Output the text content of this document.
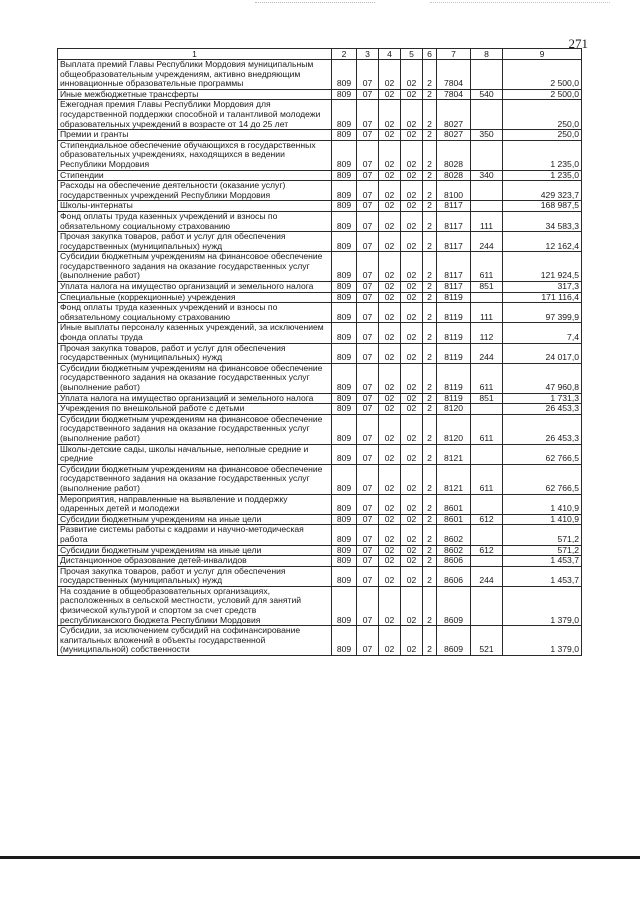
271
1	2	3	4	5	6	7	8	9
Выплата премий Главы Республики Мордовия муниципальным общеобразовательным учреждениям, активно внедряющим инновационные образовательные программы	809	07	02	02	2	7804		2 500,0
Иные межбюджетные трансферты	809	07	02	02	2	7804	540	2 500,0
Ежегодная премия Главы Республики Мордовия для государственной поддержки способной и талантливой молодежи образовательных учреждений в возрасте от 14 до 25 лет	809	07	02	02	2	8027		250,0
Премии и гранты	809	07	02	02	2	8027	350	250,0
Стипендиальное обеспечение обучающихся в государственных образовательных учреждениях, находящихся в ведении Республики Мордовия	809	07	02	02	2	8028		1 235,0
Стипендии	809	07	02	02	2	8028	340	1 235,0
Расходы на обеспечение деятельности (оказание услуг) государственных учреждений Республики Мордовия	809	07	02	02	2	8100		429 323,7
Школы-интернаты	809	07	02	02	2	8117		168 987,5
Фонд оплаты труда казенных учреждений и взносы по обязательному социальному страхованию	809	07	02	02	2	8117	111	34 583,3
Прочая закупка товаров, работ и услуг для обеспечения государственных (муниципальных) нужд	809	07	02	02	2	8117	244	12 162,4
Субсидии бюджетным учреждениям на финансовое обеспечение государственного задания на оказание государственных услуг (выполнение работ)	809	07	02	02	2	8117	611	121 924,5
Уплата налога на имущество организаций и земельного налога	809	07	02	02	2	8117	851	317,3
Специальные (коррекционные) учреждения	809	07	02	02	2	8119		171 116,4
Фонд оплаты труда казенных учреждений и взносы по обязательному социальному страхованию	809	07	02	02	2	8119	111	97 399,9
Иные выплаты персоналу казенных учреждений, за исключением фонда оплаты труда	809	07	02	02	2	8119	112	7,4
Прочая закупка товаров, работ и услуг для обеспечения государственных (муниципальных) нужд	809	07	02	02	2	8119	244	24 017,0
Субсидии бюджетным учреждениям на финансовое обеспечение государственного задания на оказание государственных услуг (выполнение работ)	809	07	02	02	2	8119	611	47 960,8
Уплата налога на имущество организаций и земельного налога	809	07	02	02	2	8119	851	1 731,3
Учреждения по внешкольной работе с детьми	809	07	02	02	2	8120		26 453,3
Субсидии бюджетным учреждениям на финансовое обеспечение государственного задания на оказание государственных услуг (выполнение работ)	809	07	02	02	2	8120	611	26 453,3
Школы-детские сады, школы начальные, неполные средние и средние	809	07	02	02	2	8121		62 766,5
Субсидии бюджетным учреждениям на финансовое обеспечение государственного задания на оказание государственных услуг (выполнение работ)	809	07	02	02	2	8121	611	62 766,5
Мероприятия, направленные на выявление и поддержку одаренных детей и молодежи	809	07	02	02	2	8601		1 410,9
Субсидии бюджетным учреждениям на иные цели	809	07	02	02	2	8601	612	1 410,9
Развитие системы работы с кадрами и научно-методическая работа	809	07	02	02	2	8602		571,2
Субсидии бюджетным учреждениям на иные цели	809	07	02	02	2	8602	612	571,2
Дистанционное образование детей-инвалидов	809	07	02	02	2	8606		1 453,7
Прочая закупка товаров, работ и услуг для обеспечения государственных (муниципальных) нужд	809	07	02	02	2	8606	244	1 453,7
На создание в общеобразовательных организациях, расположенных в сельской местности, условий для занятий физической культурой и спортом за счет средств республиканского бюджета Республики Мордовия	809	07	02	02	2	8609		1 379,0
Субсидии, за исключением субсидий на софинансирование капитальных вложений в объекты государственной (муниципальной) собственности	809	07	02	02	2	8609	521	1 379,0
